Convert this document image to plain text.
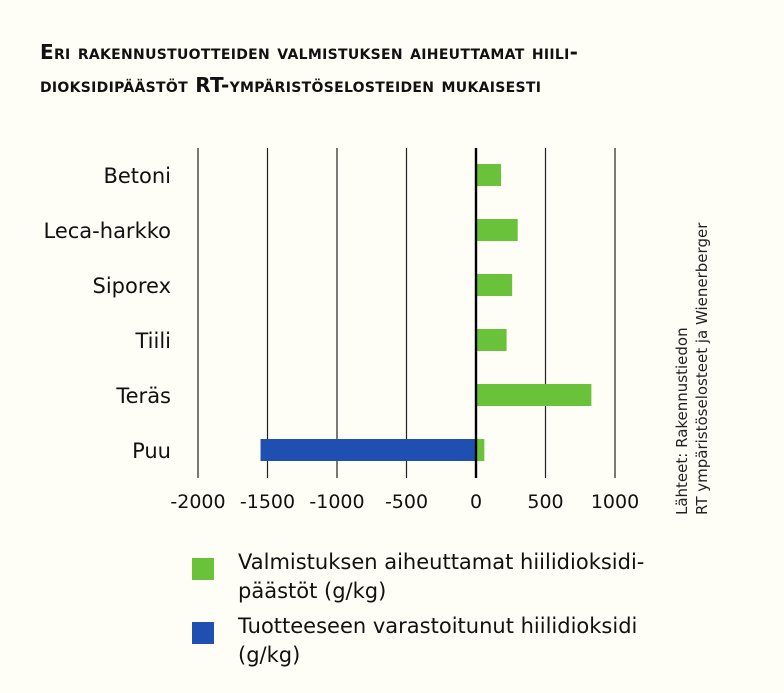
Eri rakennustuotteiden valmistuksen aiheuttamat hiili-
dioksidipäästöt RT-ympäristöselosteiden mukaisesti
Betoni
Leca-harkko
Siporex
Tiili
Teräs
Puu
-2000 -1500 -1000 -500 0 500 1000 Lähteet: Rakennustiedon RT ympäristöselosteet ja Wienerberger
Valmistuksen aiheuttamat hiilidioksidi-
päästöt (g/kg)
Tuotteeseen varastoitunut hiilidioksidi
(g/kg)
